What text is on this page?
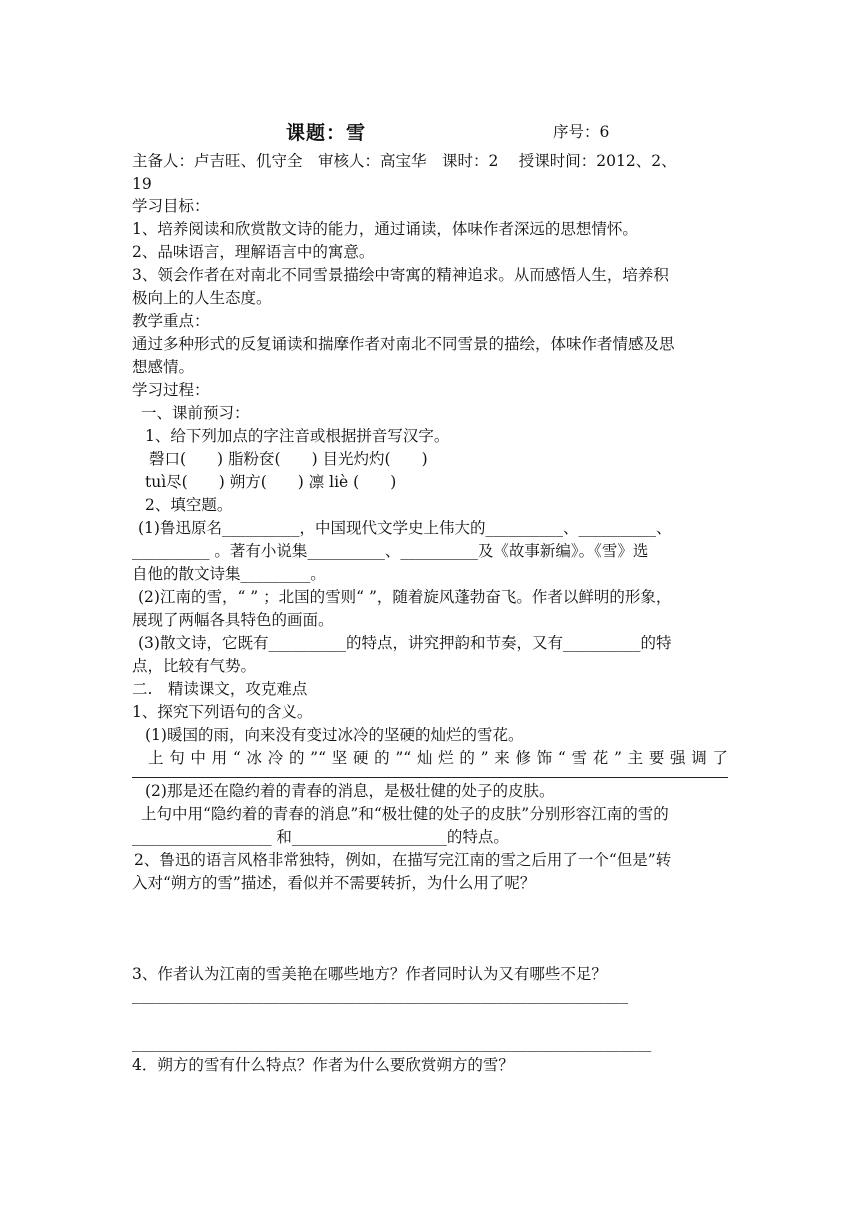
课题：雪	序号：6
主备人：卢吉旺、仉守全　审核人：高宝华　课时：2　 授课时间：2012、2、
19
学习目标：
1、培养阅读和欣赏散文诗的能力，通过诵读，体味作者深远的思想情怀。
2、品味语言，理解语言中的寓意。
3、领会作者在对南北不同雪景描绘中寄寓的精神追求。从而感悟人生，培养积
极向上的人生态度。
教学重点：
通过多种形式的反复诵读和揣摩作者对南北不同雪景的描绘，体味作者情感及思
想感情。
学习过程：
一、课前预习：
1、给下列加点的字注音或根据拼音写汉字。
磬口(　　) 脂粉奁(　　) 目光灼灼(　　)
tuì尽(　　) 朔方(　　) 凛 liè (　　)
2、填空题。
(1)鲁迅原名__________，中国现代文学史上伟大的__________、__________、
__________ 。著有小说集__________、__________及《故事新编》。《雪》选
自他的散文诗集_________。
(2)江南的雪，“ ” ；北国的雪则“ ”，随着旋风蓬勃奋飞。作者以鲜明的形象，
展现了两幅各具特色的画面。
(3)散文诗，它既有__________的特点，讲究押韵和节奏，又有__________的特
点，比较有气势。
二.　精读课文，攻克难点
1、探究下列语句的含义。
(1)暖国的雨，向来没有变过冰冷的坚硬的灿烂的雪花。
上句中用“冰冷的”“坚硬的”“灿烂的”来修饰“雪花”主要强调了
(2)那是还在隐约着的青春的消息，是极壮健的处子的皮肤。
上句中用“隐约着的青春的消息”和“极壮健的处子的皮肤”分别形容江南的雪的
__________________ 和____________________的特点。
2、鲁迅的语言风格非常独特，例如，在描写完江南的雪之后用了一个“但是”转
入对“朔方的雪”描述，看似并不需要转折，为什么用了呢？
3、作者认为江南的雪美艳在哪些地方？作者同时认为又有哪些不足？
________________________________________________________________
___________________________________________________________________
4．朔方的雪有什么特点？作者为什么要欣赏朔方的雪？
